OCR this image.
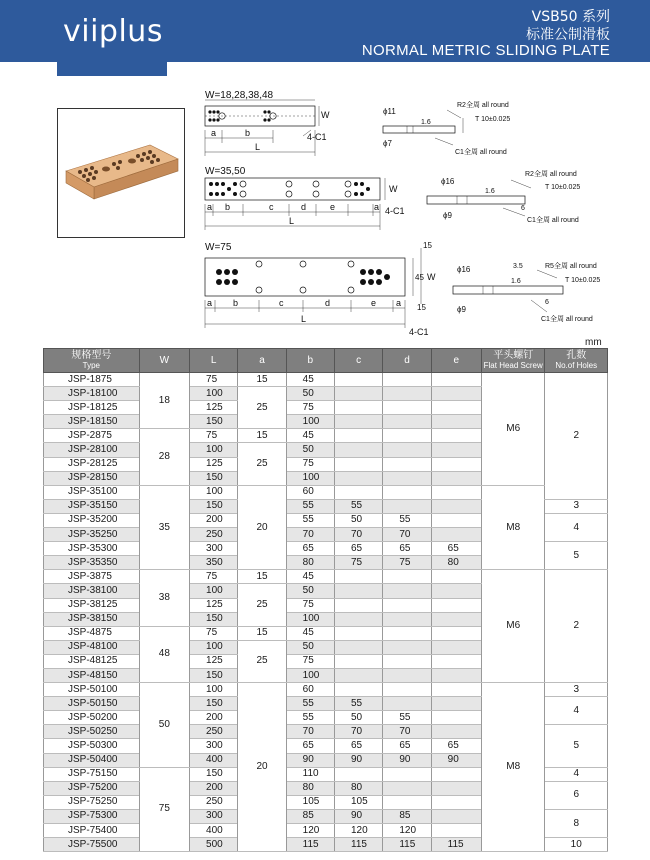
viiplus	VSB50 系列
标准公制滑板
NORMAL METRIC SLIDING PLATE
W=18,28,38,48
W
a	b
L
4-C1
ϕ11
ϕ7
1.6
R2全周 all round
T 10±0.025
C1全周 all round
W=35,50
W
a b	c	d	e	a
L
4-C1
ϕ16
ϕ9
1.6
6
R2全周 all round
T 10±0.025
C1全周 all round
W=75	15
45 W
15
a b	c	d	e a
L
4-C1
ϕ16
ϕ9
3.5
1.6
6
R5全周 all round
T 10±0.025
C1全周 all round
mm
规格型号
Type	W	L	a	b	c	d	e	平头螺钉
Flat Head Screw	孔数
No.of Holes

JSP-1875	18	75	15	45				M6	2
JSP-18100		100	25	50					
JSP-18125		125		75					
JSP-18150		150		100					
JSP-2875	28	75	15	45					
JSP-28100		100	25	50					
JSP-28125		125		75					
JSP-28150		150		100					
JSP-35100	35	100	20	60				M8	
JSP-35150		150		55	55				3
JSP-35200		200		55	50	55			4
JSP-35250		250		70	70	70			
JSP-35300		300		65	65	65	65		5
JSP-35350		350		80	75	75	80		
JSP-3875	38	75	15	45				M6	2
JSP-38100		100	25	50					
JSP-38125		125		75					
JSP-38150		150		100					
JSP-4875	48	75	15	45					
JSP-48100		100	25	50					
JSP-48125		125		75					
JSP-48150		150		100					
JSP-50100	50	100	20	60				M8	3
JSP-50150		150		55	55				4
JSP-50200		200		55	50	55			
JSP-50250		250		70	70	70			5
JSP-50300		300		65	65	65	65		
JSP-50400		400		90	90	90	90		
JSP-75150	75	150		110					4
JSP-75200		200		80	80				6
JSP-75250		250		105	105				
JSP-75300		300		85	90	85			8
JSP-75400		400		120	120	120			
JSP-75500		500		115	115	115	115		10
